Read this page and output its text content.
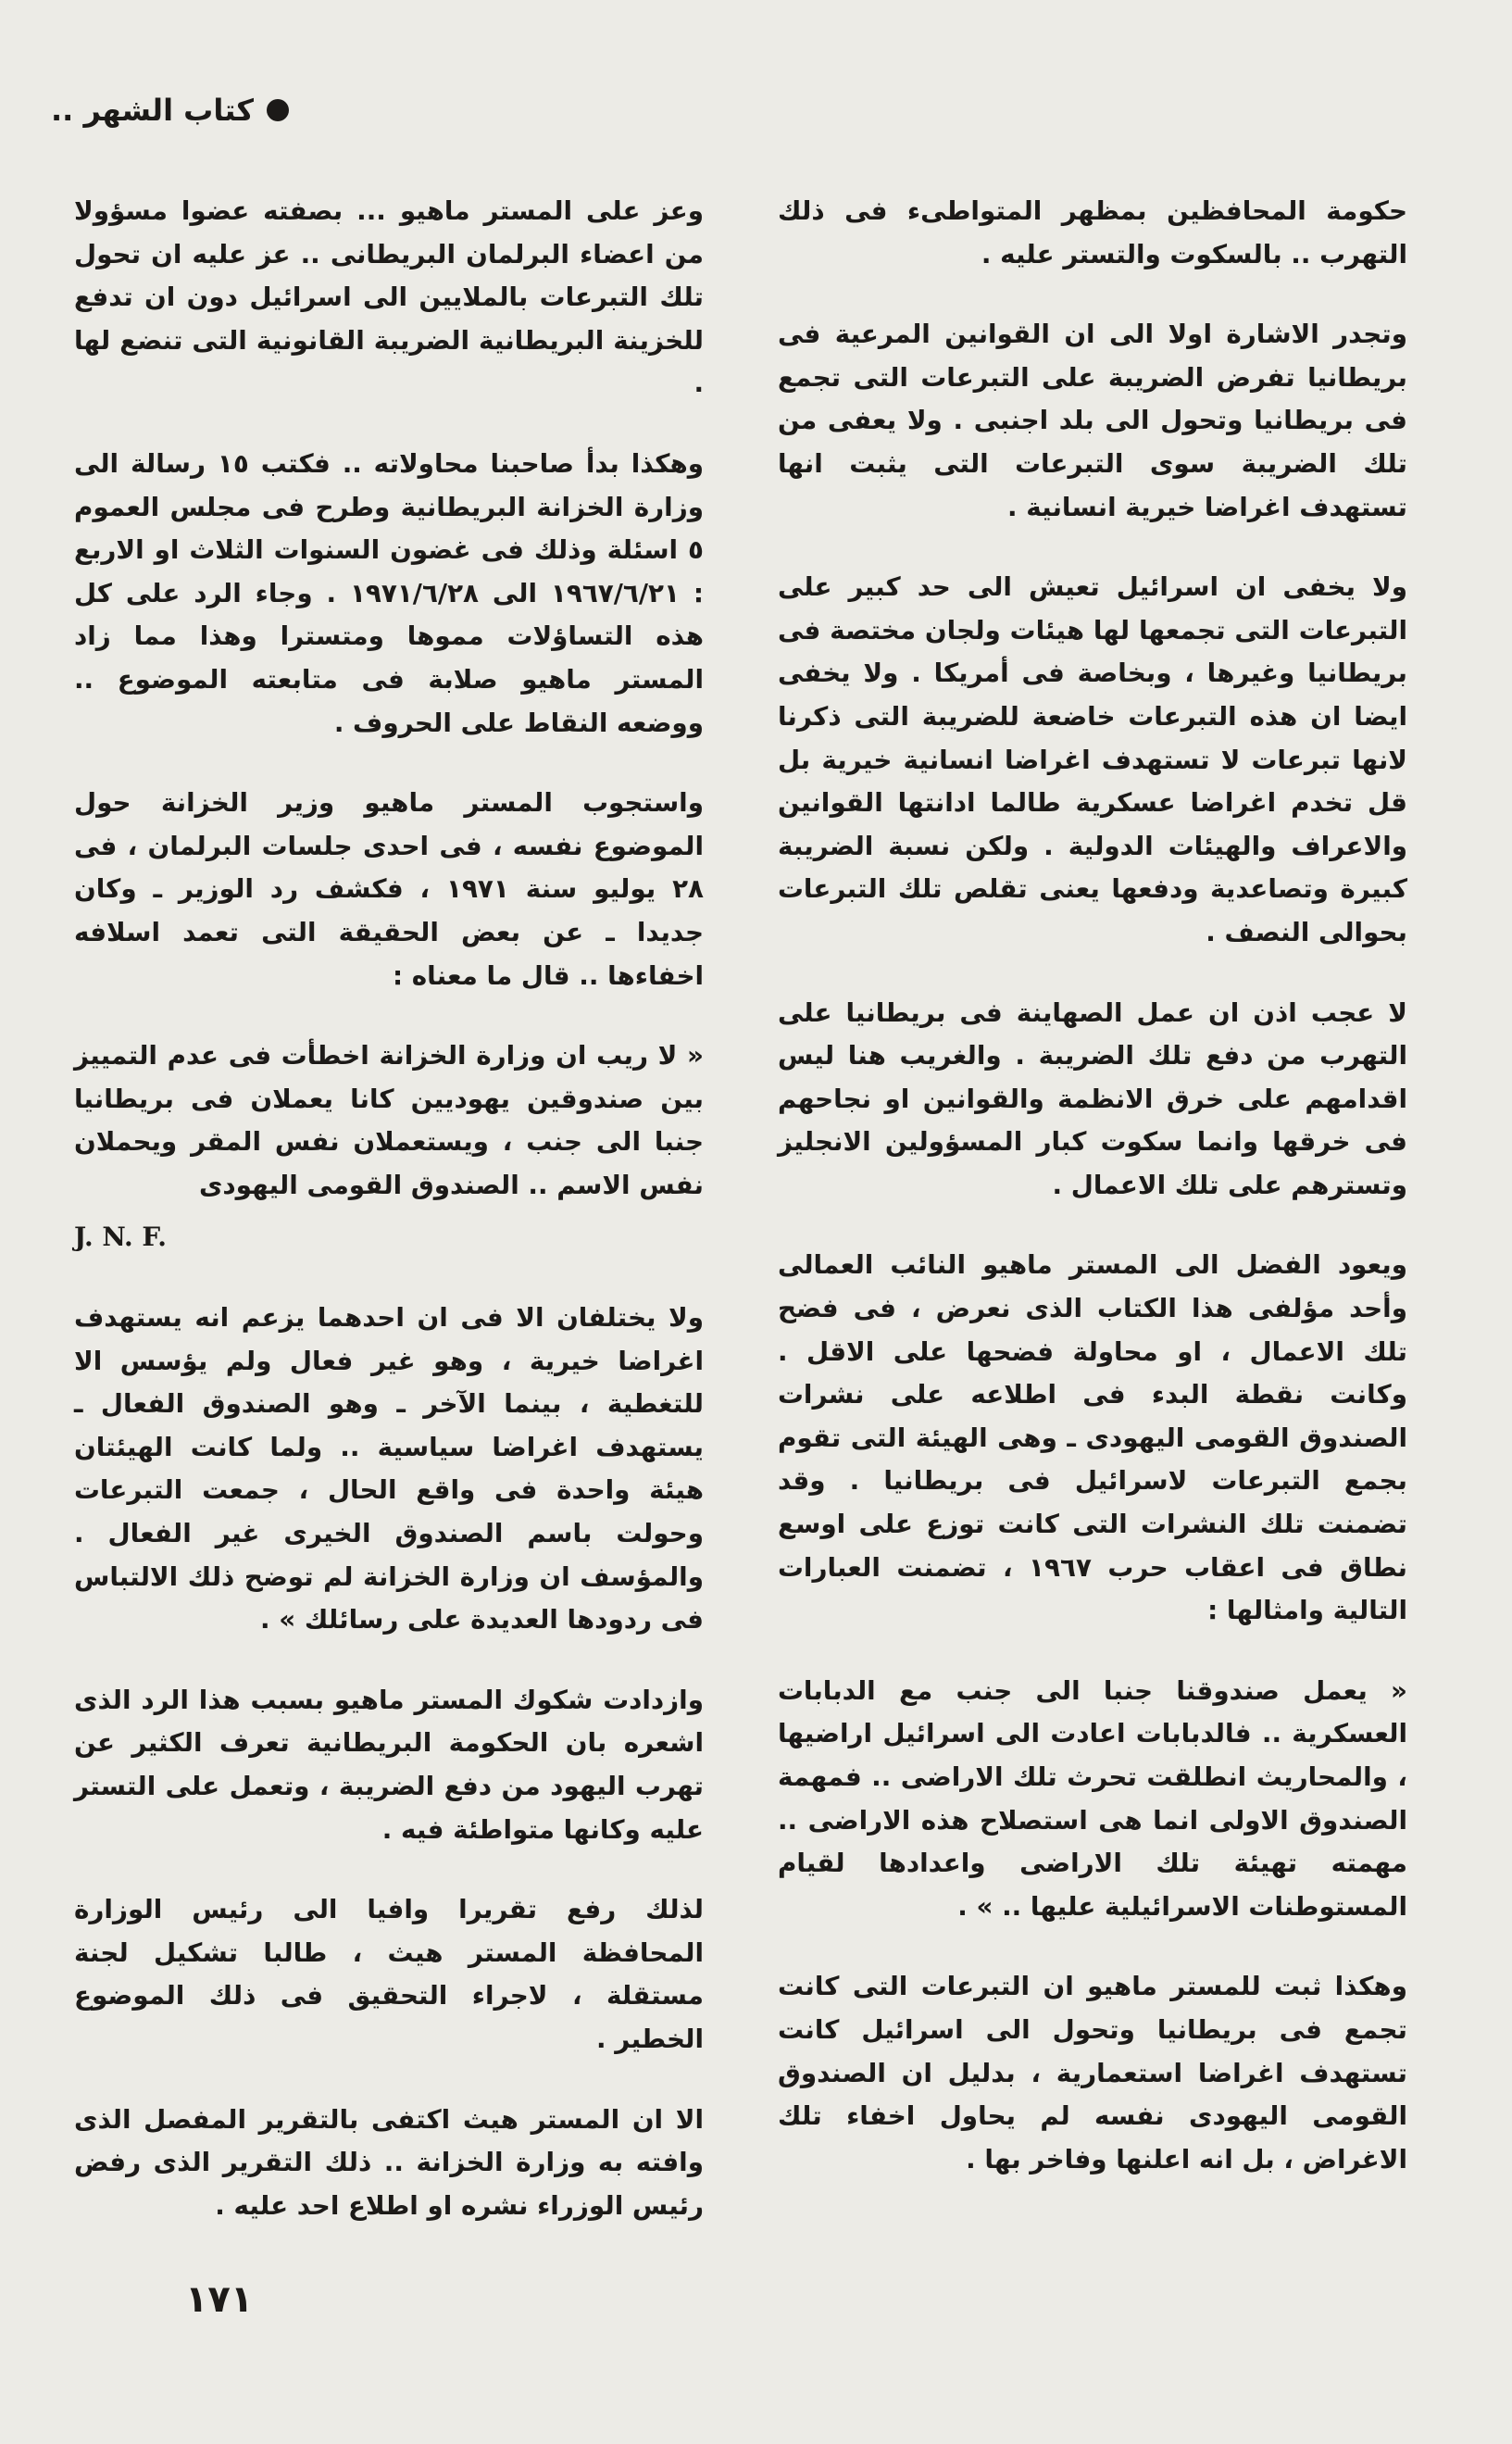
كتاب الشهر ..

حكومة المحافظين بمظهر المتواطىء فى ذلك التهرب .. بالسكوت والتستر عليه .

وتجدر الاشارة اولا الى ان القوانين المرعية فى بريطانيا تفرض الضريبة على التبرعات التى تجمع فى بريطانيا وتحول الى بلد اجنبى . ولا يعفى من تلك الضريبة سوى التبرعات التى يثبت انها تستهدف اغراضا خيرية انسانية .

ولا يخفى ان اسرائيل تعيش الى حد كبير على التبرعات التى تجمعها لها هيئات ولجان مختصة فى بريطانيا وغيرها ، وبخاصة فى أمريكا . ولا يخفى ايضا ان هذه التبرعات خاضعة للضريبة التى ذكرنا لانها تبرعات لا تستهدف اغراضا انسانية خيرية بل قل تخدم اغراضا عسكرية طالما ادانتها القوانين والاعراف والهيئات الدولية . ولكن نسبة الضريبة كبيرة وتصاعدية ودفعها يعنى تقلص تلك التبرعات بحوالى النصف .

لا عجب اذن ان عمل الصهاينة فى بريطانيا على التهرب من دفع تلك الضريبة . والغريب هنا ليس اقدامهم على خرق الانظمة والقوانين او نجاحهم فى خرقها وانما سكوت كبار المسؤولين الانجليز وتسترهم على تلك الاعمال .

ويعود الفضل الى المستر ماهيو النائب العمالى وأحد مؤلفى هذا الكتاب الذى نعرض ، فى فضح تلك الاعمال ، او محاولة فضحها على الاقل . وكانت نقطة البدء فى اطلاعه على نشرات الصندوق القومى اليهودى ـ وهى الهيئة التى تقوم بجمع التبرعات لاسرائيل فى بريطانيا . وقد تضمنت تلك النشرات التى كانت توزع على اوسع نطاق فى اعقاب حرب ١٩٦٧ ، تضمنت العبارات التالية وامثالها :

« يعمل صندوقنا جنبا الى جنب مع الدبابات العسكرية .. فالدبابات اعادت الى اسرائيل اراضيها ، والمحاريث انطلقت تحرث تلك الاراضى .. فمهمة الصندوق الاولى انما هى استصلاح هذه الاراضى .. مهمته تهيئة تلك الاراضى واعدادها لقيام المستوطنات الاسرائيلية عليها .. » .

وهكذا ثبت للمستر ماهيو ان التبرعات التى كانت تجمع فى بريطانيا وتحول الى اسرائيل كانت تستهدف اغراضا استعمارية ، بدليل ان الصندوق القومى اليهودى نفسه لم يحاول اخفاء تلك الاغراض ، بل انه اعلنها وفاخر بها .

وعز على المستر ماهيو ... بصفته عضوا مسؤولا من اعضاء البرلمان البريطانى .. عز عليه ان تحول تلك التبرعات بالملايين الى اسرائيل دون ان تدفع للخزينة البريطانية الضريبة القانونية التى تنضع لها .

وهكذا بدأ صاحبنا محاولاته .. فكتب ١٥ رسالة الى وزارة الخزانة البريطانية وطرح فى مجلس العموم ٥ اسئلة وذلك فى غضون السنوات الثلاث او الاربع : ١٩٦٧/٦/٢١ الى ١٩٧١/٦/٢٨ . وجاء الرد على كل هذه التساؤلات مموها ومتسترا وهذا مما زاد المستر ماهيو صلابة فى متابعته الموضوع .. ووضعه النقاط على الحروف .

واستجوب المستر ماهيو وزير الخزانة حول الموضوع نفسه ، فى احدى جلسات البرلمان ، فى ٢٨ يوليو سنة ١٩٧١ ، فكشف رد الوزير ـ وكان جديدا ـ عن بعض الحقيقة التى تعمد اسلافه اخفاءها .. قال ما معناه :

« لا ريب ان وزارة الخزانة اخطأت فى عدم التمييز بين صندوقين يهوديين كانا يعملان فى بريطانيا جنبا الى جنب ، ويستعملان نفس المقر ويحملان نفس الاسم .. الصندوق القومى اليهودى

J. N. F.

ولا يختلفان الا فى ان احدهما يزعم انه يستهدف اغراضا خيرية ، وهو غير فعال ولم يؤسس الا للتغطية ، بينما الآخر ـ وهو الصندوق الفعال ـ يستهدف اغراضا سياسية .. ولما كانت الهيئتان هيئة واحدة فى واقع الحال ، جمعت التبرعات وحولت باسم الصندوق الخيرى غير الفعال . والمؤسف ان وزارة الخزانة لم توضح ذلك الالتباس فى ردودها العديدة على رسائلك » .

وازدادت شكوك المستر ماهيو بسبب هذا الرد الذى اشعره بان الحكومة البريطانية تعرف الكثير عن تهرب اليهود من دفع الضريبة ، وتعمل على التستر عليه وكانها متواطئة فيه .

لذلك رفع تقريرا وافيا الى رئيس الوزارة المحافظة المستر هيث ، طالبا تشكيل لجنة مستقلة ، لاجراء التحقيق فى ذلك الموضوع الخطير .

الا ان المستر هيث اكتفى بالتقرير المفصل الذى وافته به وزارة الخزانة .. ذلك التقرير الذى رفض رئيس الوزراء نشره او اطلاع احد عليه .

١٧١
